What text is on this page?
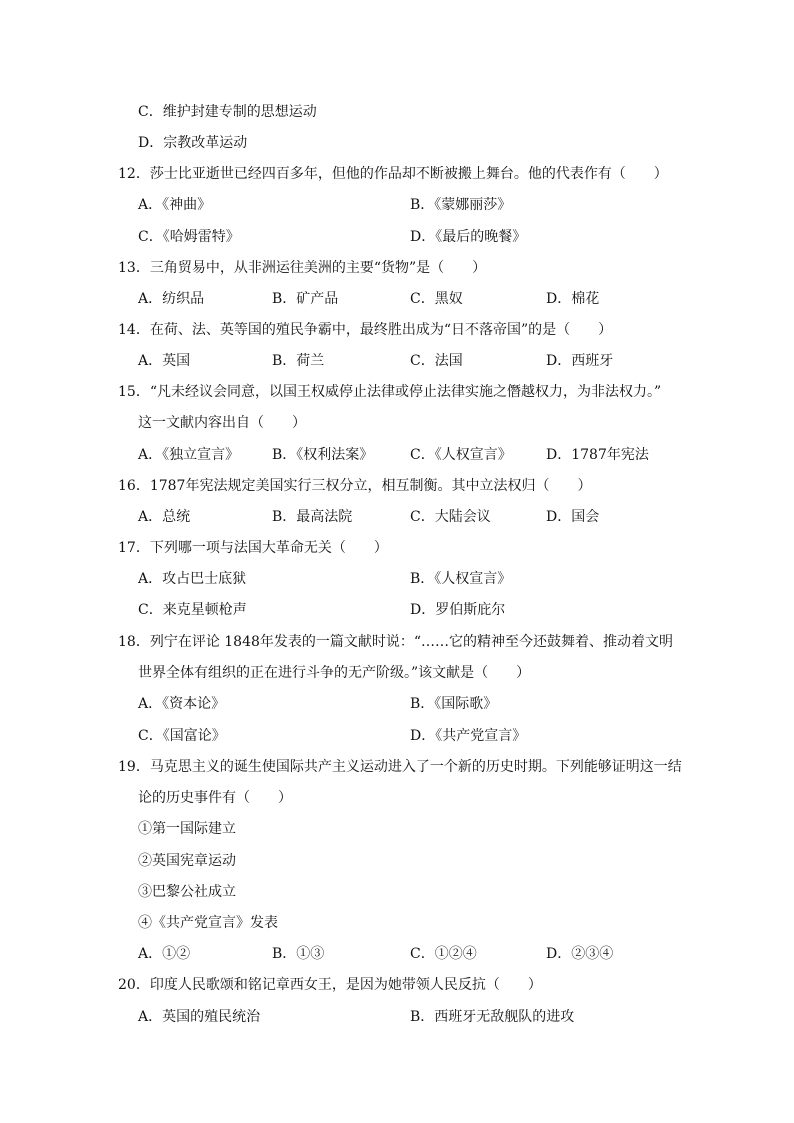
C．维护封建专制的思想运动
D．宗教改革运动
12．莎士比亚逝世已经四百多年，但他的作品却不断被搬上舞台。他的代表作有（　　）
A．《神曲》	B．《蒙娜丽莎》
C．《哈姆雷特》	D．《最后的晚餐》
13．三角贸易中，从非洲运往美洲的主要“货物”是（　　）
A．纺织品	B．矿产品	C．黑奴	D．棉花
14．在荷、法、英等国的殖民争霸中，最终胜出成为“日不落帝国”的是（　　）
A．英国	B．荷兰	C．法国	D．西班牙
15．“凡未经议会同意，以国王权威停止法律或停止法律实施之僭越权力，为非法权力。”
这一文献内容出自（　　）
A．《独立宣言》 B．《权利法案》	C．《人权宣言》 D．1787年宪法
16．1787年宪法规定美国实行三权分立，相互制衡。其中立法权归（　　）
A．总统	B．最高法院	C．大陆会议	D．国会
17．下列哪一项与法国大革命无关（　　）
A．攻占巴士底狱	B．《人权宣言》
C．来克星顿枪声	D．罗伯斯庇尔
18．列宁在评论 1848年发表的一篇文献时说：“……它的精神至今还鼓舞着、推动着文明
世界全体有组织的正在进行斗争的无产阶级。”该文献是（　　）
A．《资本论》	B．《国际歌》
C．《国富论》	D．《共产党宣言》
19．马克思主义的诞生使国际共产主义运动进入了一个新的历史时期。下列能够证明这一结
论的历史事件有（　　）
①第一国际建立
②英国宪章运动
③巴黎公社成立
④《共产党宣言》发表
A．①②	B．①③	C．①②④	D．②③④
20．印度人民歌颂和铭记章西女王，是因为她带领人民反抗（　　）
A．英国的殖民统治	B．西班牙无敌舰队的进攻
